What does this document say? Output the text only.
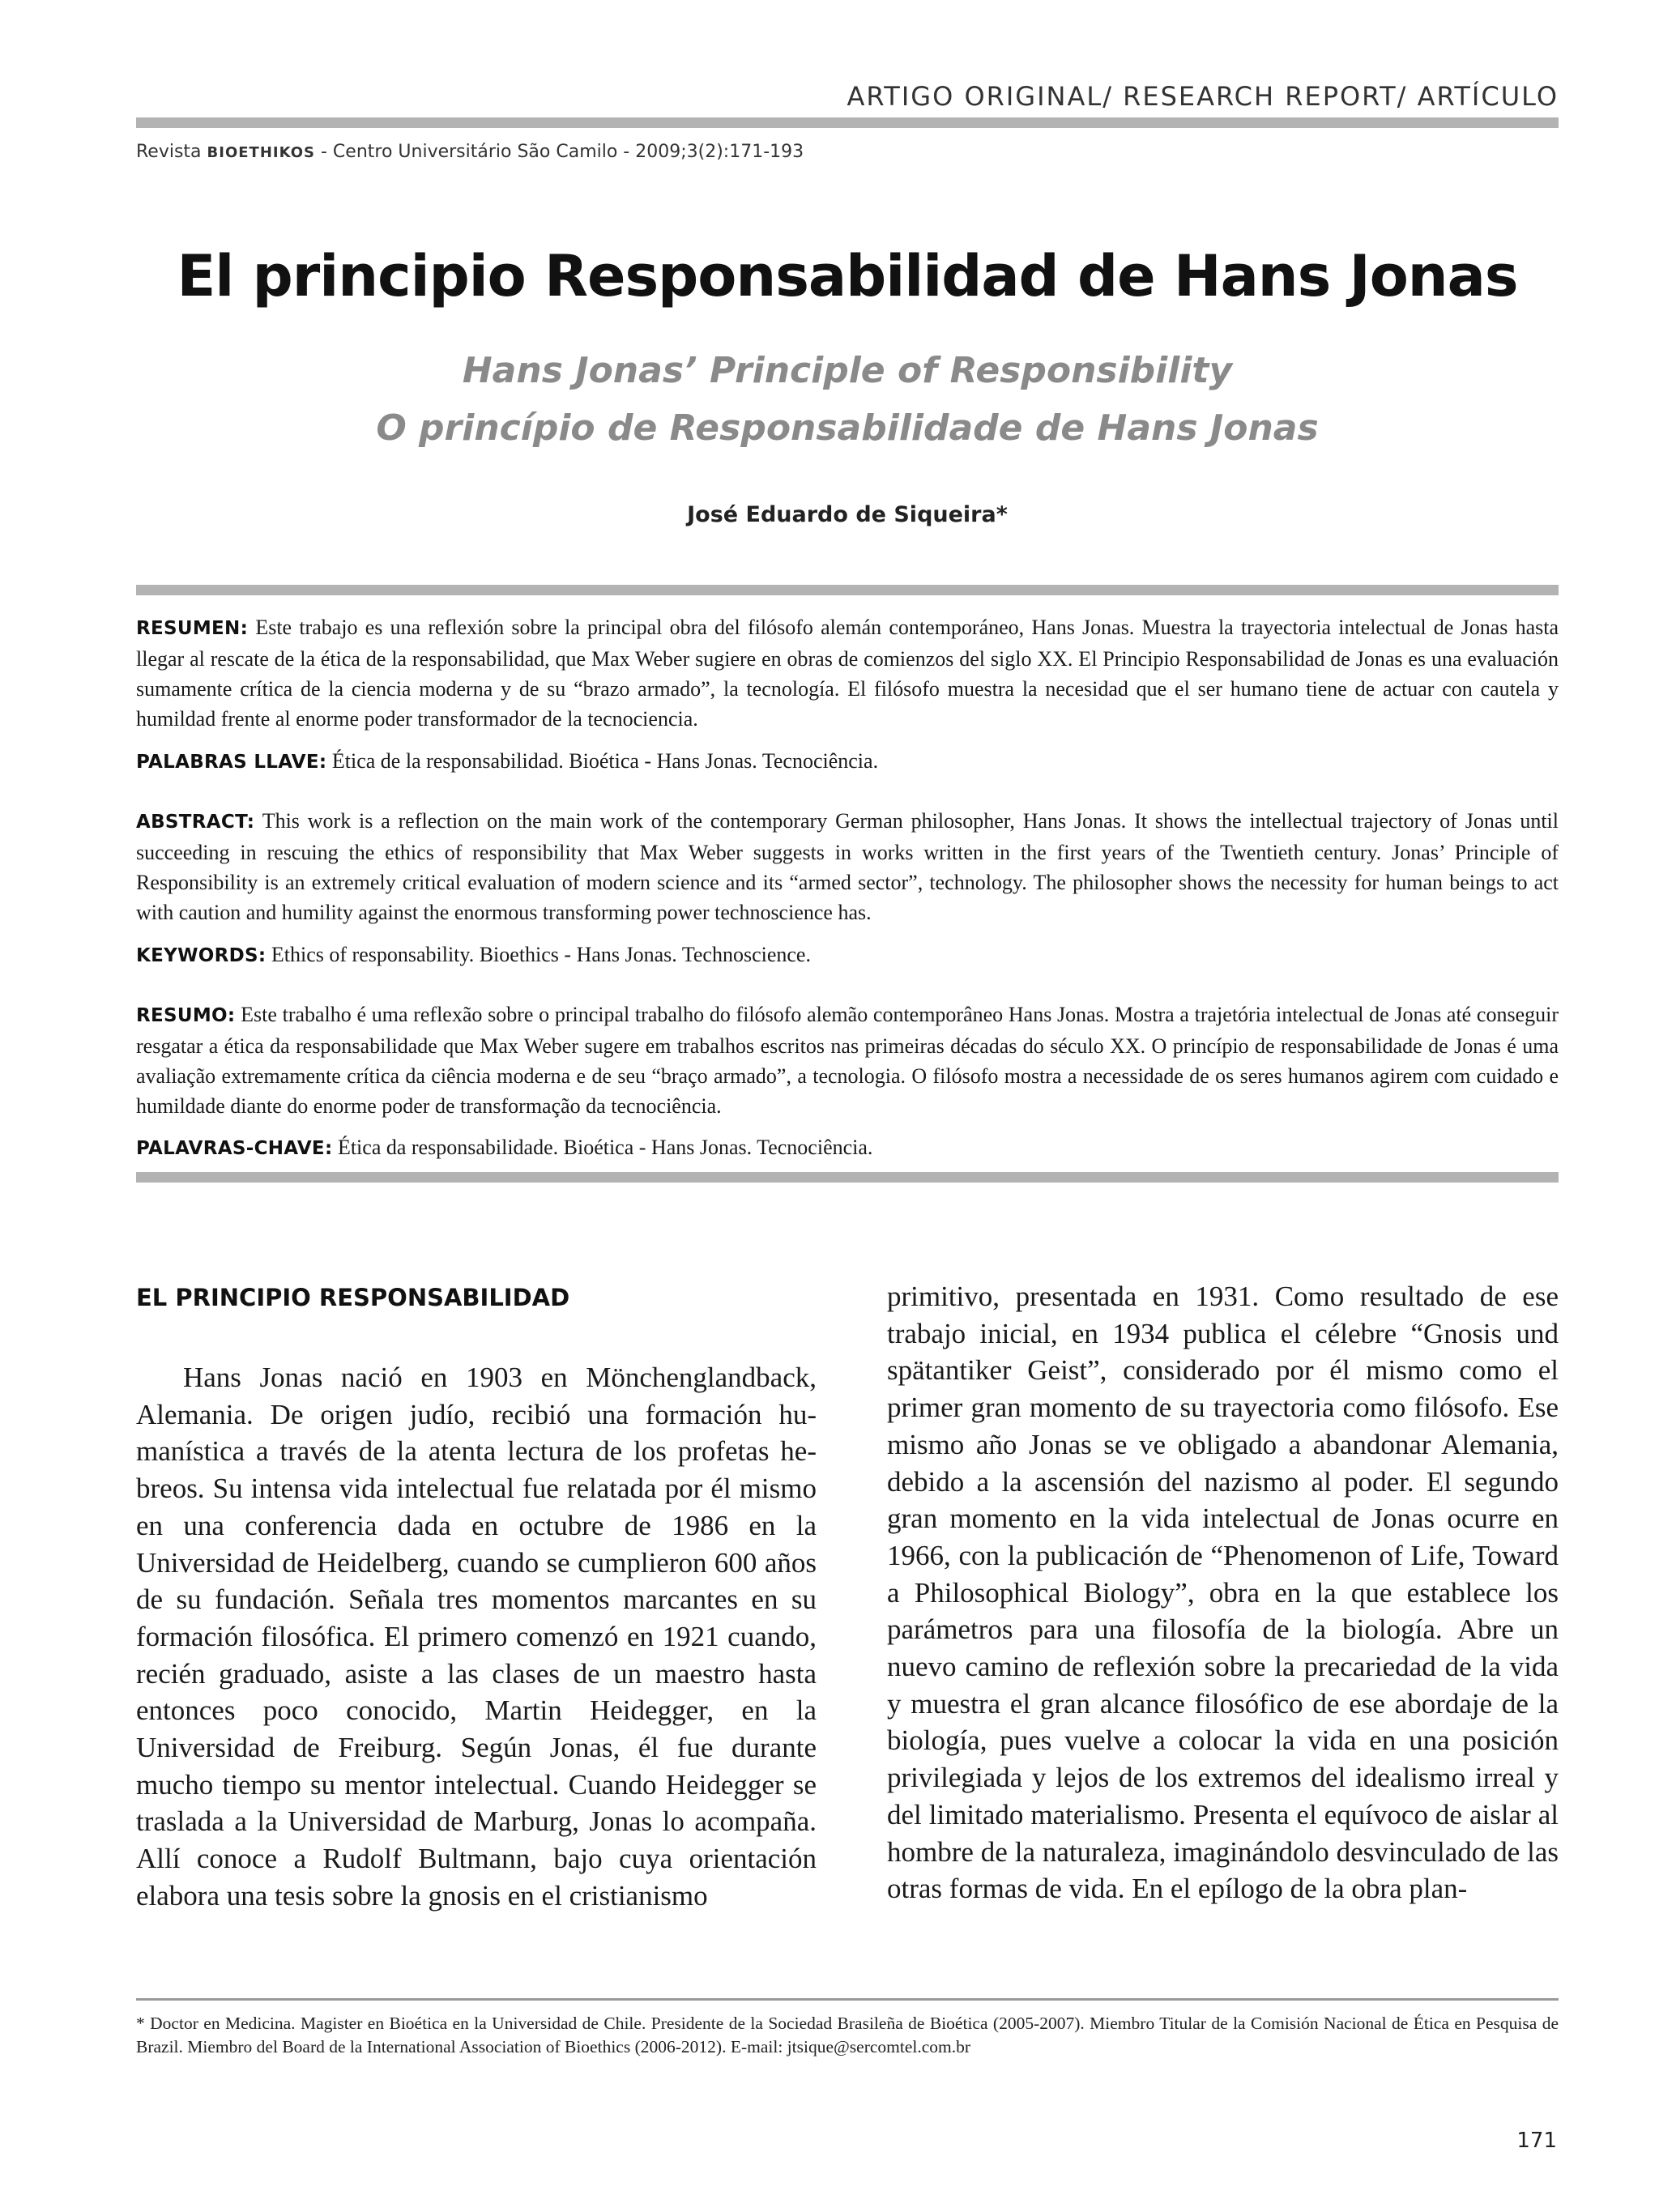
ARTIGO ORIGINAL/ RESEARCH REPORT/ ARTÍCULO
Revista BIOETHIKOS - Centro Universitário São Camilo - 2009;3(2):171-193
El principio Responsabilidad de Hans Jonas
Hans Jonas’ Principle of Responsibility
O princípio de Responsabilidade de Hans Jonas
José Eduardo de Siqueira*
RESUMEN: Este trabajo es una reflexión sobre la principal obra del filósofo alemán contemporáneo, Hans Jonas. Muestra la trayectoria intelectual de Jonas hasta llegar al rescate de la ética de la responsabilidad, que Max Weber sugiere en obras de comienzos del siglo XX. El Principio Responsabilidad de Jonas es una evaluación sumamente crítica de la ciencia moderna y de su “brazo armado”, la tecnología. El filósofo muestra la necesidad que el ser humano tiene de actuar con cautela y humildad frente al enorme poder transformador de la tecnociencia.
PALABRAS LLAVE: Ética de la responsabilidad. Bioética - Hans Jonas. Tecnociência.
ABSTRACT: This work is a reflection on the main work of the contemporary German philosopher, Hans Jonas. It shows the intellectual trajectory of Jonas until succeeding in rescuing the ethics of responsibility that Max Weber suggests in works written in the first years of the Twentieth century. Jonas’ Principle of Responsibility is an extremely critical evaluation of modern science and its “armed sector”, technology. The philosopher shows the necessity for human beings to act with caution and humility against the enormous transforming power technoscience has.
KEYWORDS: Ethics of responsability. Bioethics - Hans Jonas. Technoscience.
RESUMO: Este trabalho é uma reflexão sobre o principal trabalho do filósofo alemão contemporâneo Hans Jonas. Mostra a trajetória intelectual de Jonas até conseguir resgatar a ética da responsabilidade que Max Weber sugere em trabalhos escritos nas primeiras décadas do século XX. O princípio de responsabilidade de Jonas é uma avaliação extremamente crítica da ciência moderna e de seu “braço armado”, a tecnologia. O filósofo mostra a necessidade de os seres humanos agirem com cuidado e humildade diante do enorme poder de transformação da tecnociência.
PALAVRAS-CHAVE: Ética da responsabilidade. Bioética - Hans Jonas. Tecnociência.
EL PRINCIPIO RESPONSABILIDAD
Hans Jonas nació en 1903 en Mönchenglandback, Alemania. De origen judío, recibió una formación humanística a través de la atenta lectura de los profetas hebreos. Su intensa vida intelectual fue relatada por él mismo en una conferencia dada en octubre de 1986 en la Universidad de Heidelberg, cuando se cumplieron 600 años de su fundación. Señala tres momentos marcantes en su formación filosófica. El primero comenzó en 1921 cuando, recién graduado, asiste a las clases de un maestro hasta entonces poco conocido, Martin Heidegger, en la Universidad de Freiburg. Según Jonas, él fue durante mucho tiempo su mentor intelectual. Cuando Heidegger se traslada a la Universidad de Marburg, Jonas lo acompaña. Allí conoce a Rudolf Bultmann, bajo cuya orientación elabora una tesis sobre la gnosis en el cristianismo
primitivo, presentada en 1931. Como resultado de ese trabajo inicial, en 1934 publica el célebre “Gnosis und spätantiker Geist”, considerado por él mismo como el primer gran momento de su trayectoria como filósofo. Ese mismo año Jonas se ve obligado a abandonar Alemania, debido a la ascensión del nazismo al poder. El segundo gran momento en la vida intelectual de Jonas ocurre en 1966, con la publicación de “Phenomenon of Life, Toward a Philosophical Biology”, obra en la que establece los parámetros para una filosofía de la biología. Abre un nuevo camino de reflexión sobre la precariedad de la vida y muestra el gran alcance filosófico de ese abordaje de la biología, pues vuelve a colocar la vida en una posición privilegiada y lejos de los extremos del idealismo irreal y del limitado materialismo. Presenta el equívoco de aislar al hombre de la naturaleza, imaginándolo desvinculado de las otras formas de vida. En el epílogo de la obra plan-
* Doctor en Medicina. Magister en Bioética en la Universidad de Chile. Presidente de la Sociedad Brasileña de Bioética (2005-2007). Miembro Titular de la Comisión Nacional de Ética en Pesquisa de Brazil. Miembro del Board de la International Association of Bioethics (2006-2012). E-mail: jtsique@sercomtel.com.br
171
